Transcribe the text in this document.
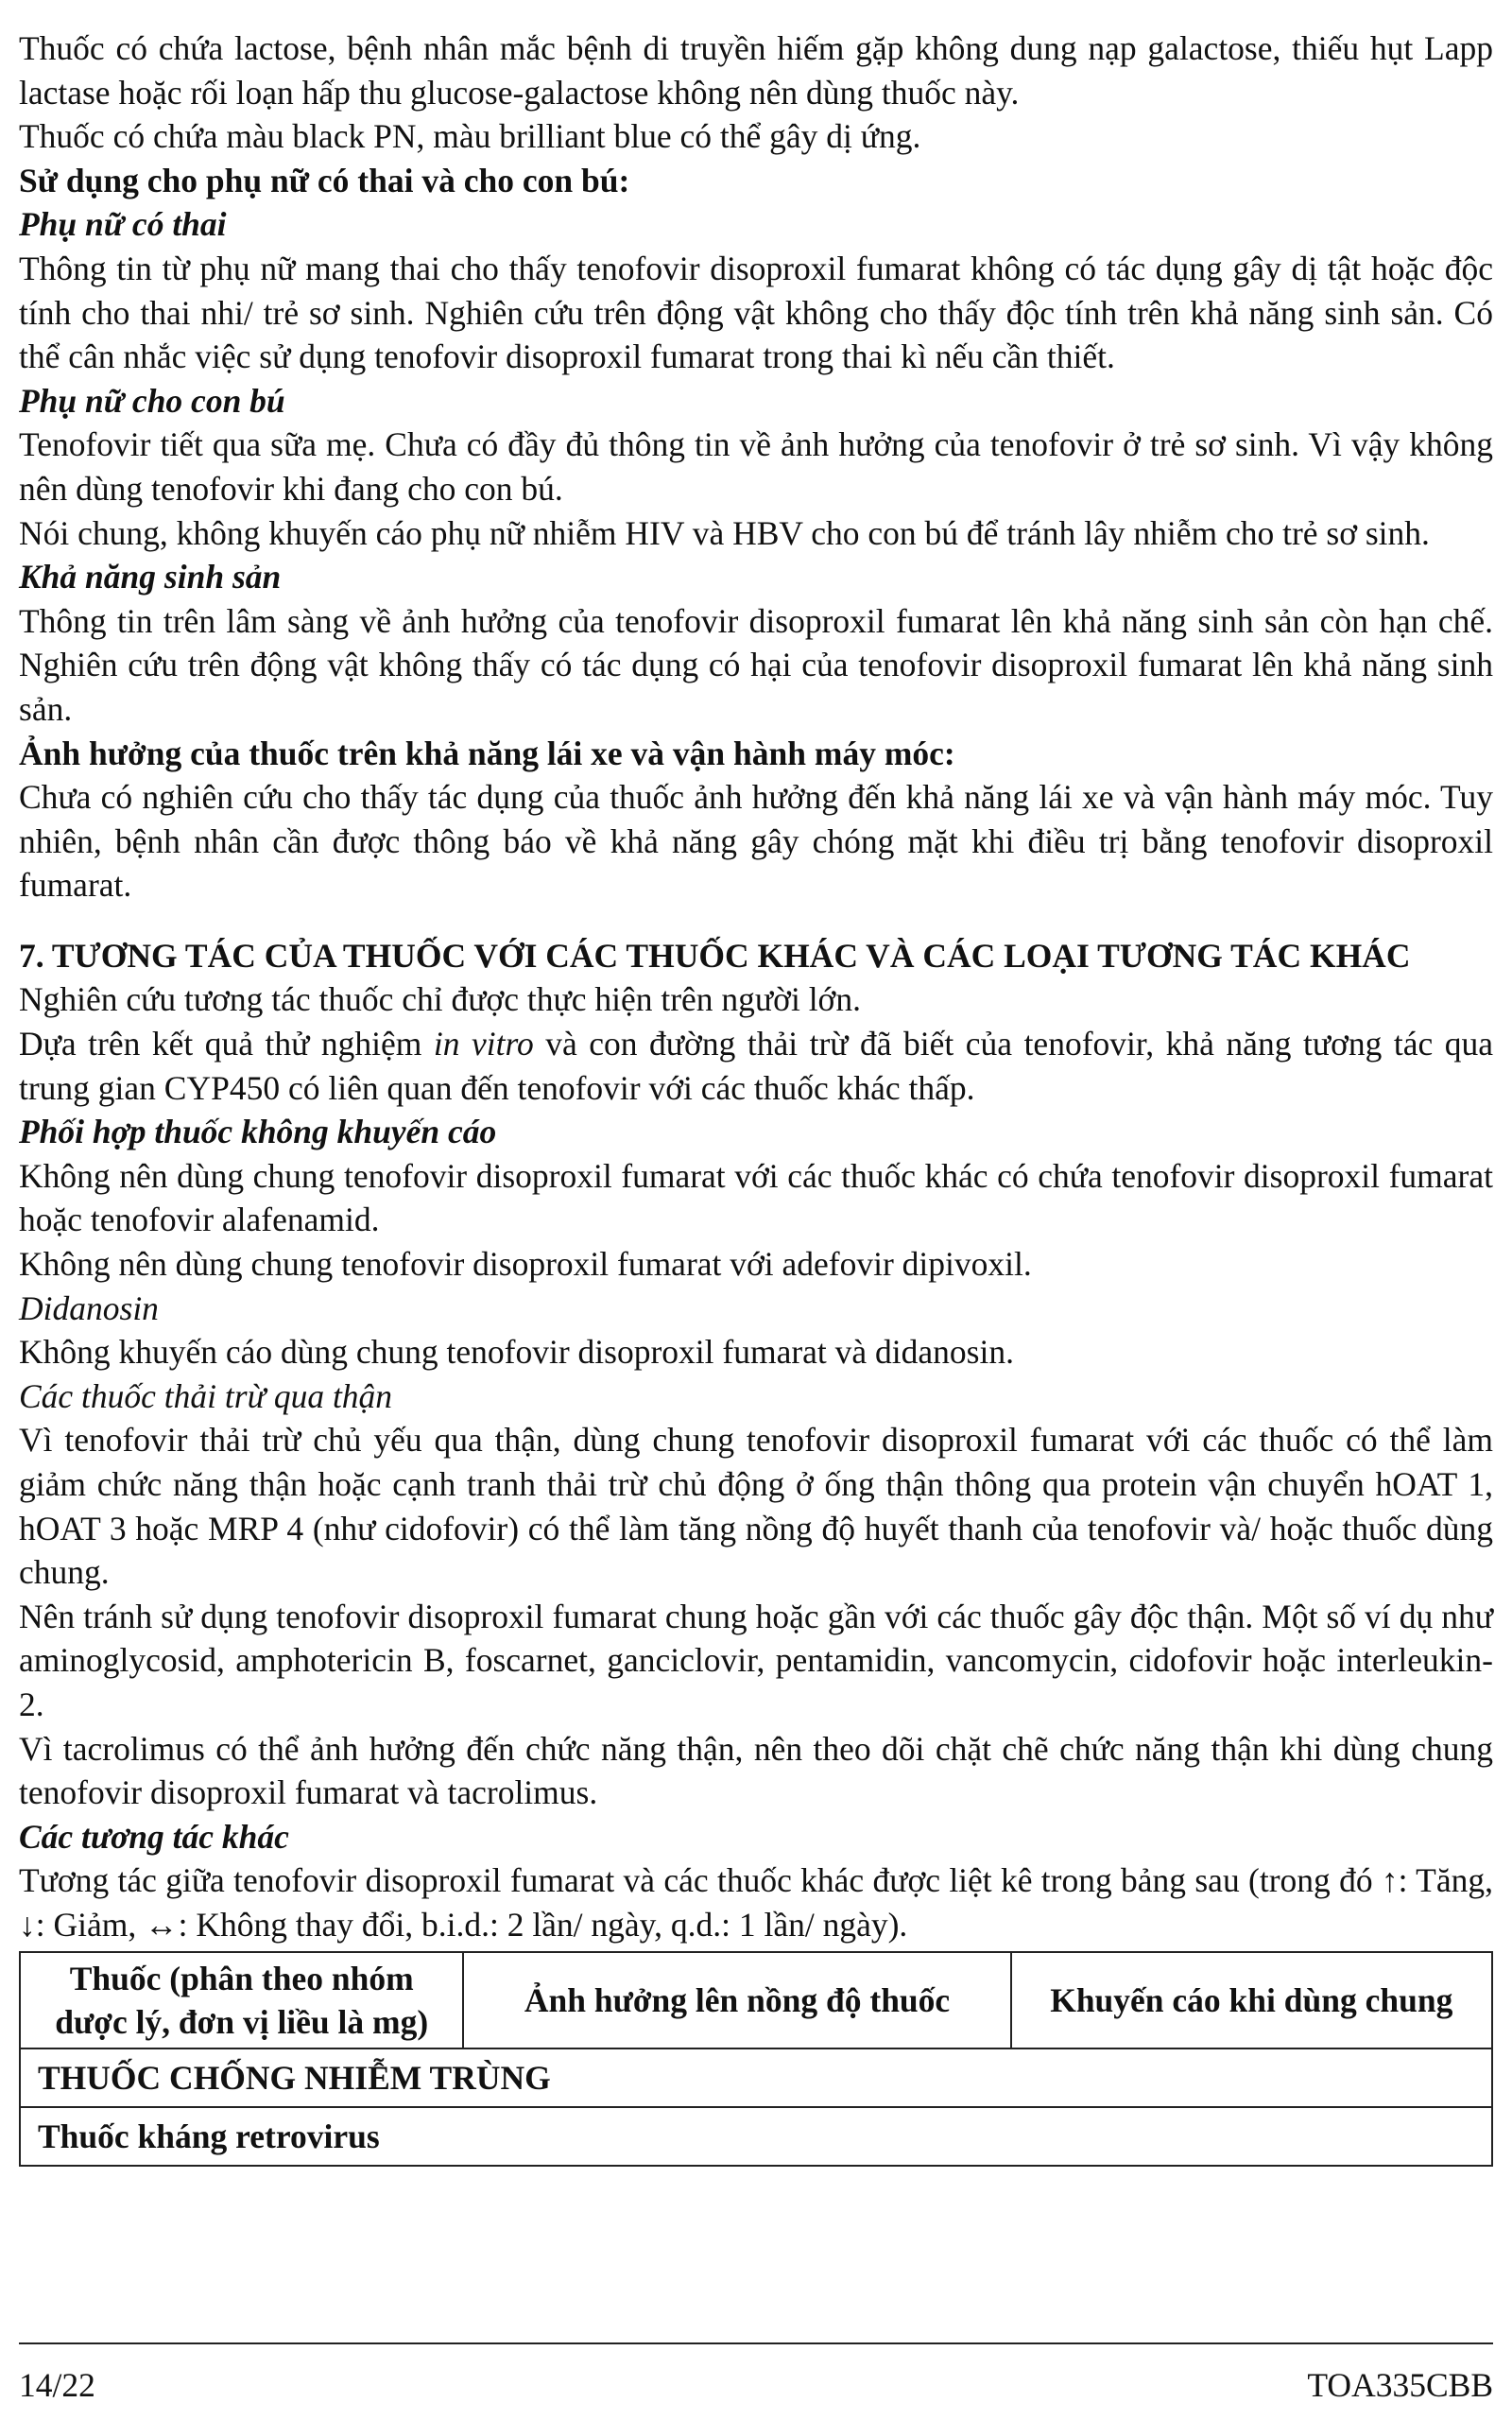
Thuốc có chứa lactose, bệnh nhân mắc bệnh di truyền hiếm gặp không dung nạp galactose, thiếu hụt Lapp lactase hoặc rối loạn hấp thu glucose-galactose không nên dùng thuốc này.

Thuốc có chứa màu black PN, màu brilliant blue có thể gây dị ứng.

Sử dụng cho phụ nữ có thai và cho con bú:

Phụ nữ có thai

Thông tin từ phụ nữ mang thai cho thấy tenofovir disoproxil fumarat không có tác dụng gây dị tật hoặc độc tính cho thai nhi/ trẻ sơ sinh. Nghiên cứu trên động vật không cho thấy độc tính trên khả năng sinh sản. Có thể cân nhắc việc sử dụng tenofovir disoproxil fumarat trong thai kì nếu cần thiết.

Phụ nữ cho con bú

Tenofovir tiết qua sữa mẹ. Chưa có đầy đủ thông tin về ảnh hưởng của tenofovir ở trẻ sơ sinh. Vì vậy không nên dùng tenofovir khi đang cho con bú.

Nói chung, không khuyến cáo phụ nữ nhiễm HIV và HBV cho con bú để tránh lây nhiễm cho trẻ sơ sinh.

Khả năng sinh sản

Thông tin trên lâm sàng về ảnh hưởng của tenofovir disoproxil fumarat lên khả năng sinh sản còn hạn chế. Nghiên cứu trên động vật không thấy có tác dụng có hại của tenofovir disoproxil fumarat lên khả năng sinh sản.

Ảnh hưởng của thuốc trên khả năng lái xe và vận hành máy móc:

Chưa có nghiên cứu cho thấy tác dụng của thuốc ảnh hưởng đến khả năng lái xe và vận hành máy móc. Tuy nhiên, bệnh nhân cần được thông báo về khả năng gây chóng mặt khi điều trị bằng tenofovir disoproxil fumarat.

7. TƯƠNG TÁC CỦA THUỐC VỚI CÁC THUỐC KHÁC VÀ CÁC LOẠI TƯƠNG TÁC KHÁC

Nghiên cứu tương tác thuốc chỉ được thực hiện trên người lớn.

Dựa trên kết quả thử nghiệm in vitro và con đường thải trừ đã biết của tenofovir, khả năng tương tác qua trung gian CYP450 có liên quan đến tenofovir với các thuốc khác thấp.

Phối hợp thuốc không khuyến cáo

Không nên dùng chung tenofovir disoproxil fumarat với các thuốc khác có chứa tenofovir disoproxil fumarat hoặc tenofovir alafenamid.

Không nên dùng chung tenofovir disoproxil fumarat với adefovir dipivoxil.

Didanosin

Không khuyến cáo dùng chung tenofovir disoproxil fumarat và didanosin.

Các thuốc thải trừ qua thận

Vì tenofovir thải trừ chủ yếu qua thận, dùng chung tenofovir disoproxil fumarat với các thuốc có thể làm giảm chức năng thận hoặc cạnh tranh thải trừ chủ động ở ống thận thông qua protein vận chuyển hOAT 1, hOAT 3 hoặc MRP 4 (như cidofovir) có thể làm tăng nồng độ huyết thanh của tenofovir và/ hoặc thuốc dùng chung.

Nên tránh sử dụng tenofovir disoproxil fumarat chung hoặc gần với các thuốc gây độc thận. Một số ví dụ như aminoglycosid, amphotericin B, foscarnet, ganciclovir, pentamidin, vancomycin, cidofovir hoặc interleukin-2.

Vì tacrolimus có thể ảnh hưởng đến chức năng thận, nên theo dõi chặt chẽ chức năng thận khi dùng chung tenofovir disoproxil fumarat và tacrolimus.

Các tương tác khác

Tương tác giữa tenofovir disoproxil fumarat và các thuốc khác được liệt kê trong bảng sau (trong đó ↑: Tăng, ↓: Giảm, ↔: Không thay đổi, b.i.d.: 2 lần/ ngày, q.d.: 1 lần/ ngày).

Thuốc (phân theo nhóm dược lý, đơn vị liều là mg)	Ảnh hưởng lên nồng độ thuốc	Khuyến cáo khi dùng chung
THUỐC CHỐNG NHIỄM TRÙNG
Thuốc kháng retrovirus
14/22	TOA335CBB
